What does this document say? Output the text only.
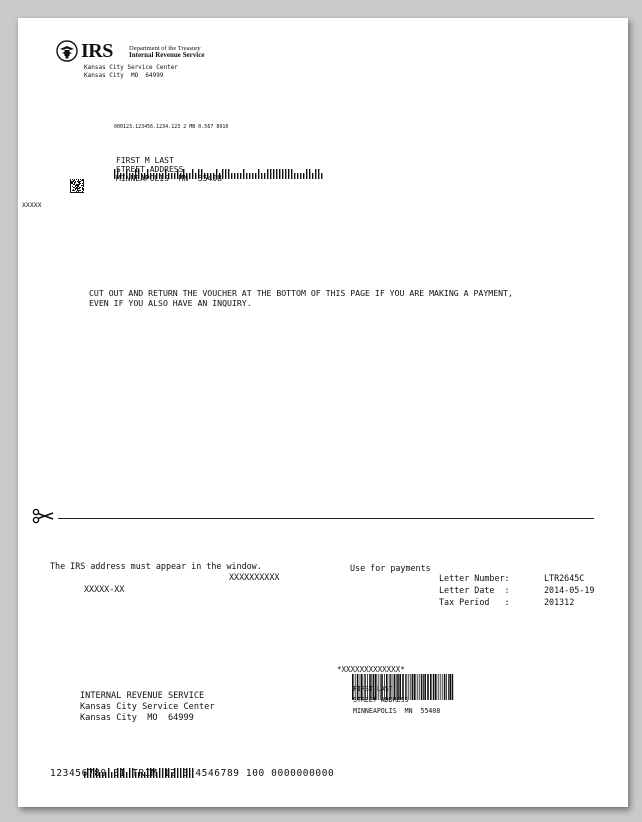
IRS

Department of the Treasury
Internal Revenue Service

Kansas City Service Center
Kansas City  MO  64999
000123.123456.1234.123 2 MB 0.567 8910

FIRST M LAST
STREET ADDRESS
MINNEAPOLIS  MN  55408
XXXXX
CUT OUT AND RETURN THE VOUCHER AT THE BOTTOM OF THIS PAGE IF YOU ARE MAKING A PAYMENT,
EVEN IF YOU ALSO HAVE AN INQUIRY.
The IRS address must appear in the window.
XXXXXXXXXX
XXXXX-XX
Use for payments
Letter Number:	LTR2645C
Letter Date  :	2014-05-19
Tax Period   :	201312

*XXXXXXXXXXXXX*
FIRST LAST
STREET ADDRESS
MINNEAPOLIS  MN  55408
INTERNAL REVENUE SERVICE
Kansas City Service Center
Kansas City  MO  64999

123456789 BI TRIM 12 3 4546789 100 0000000000
